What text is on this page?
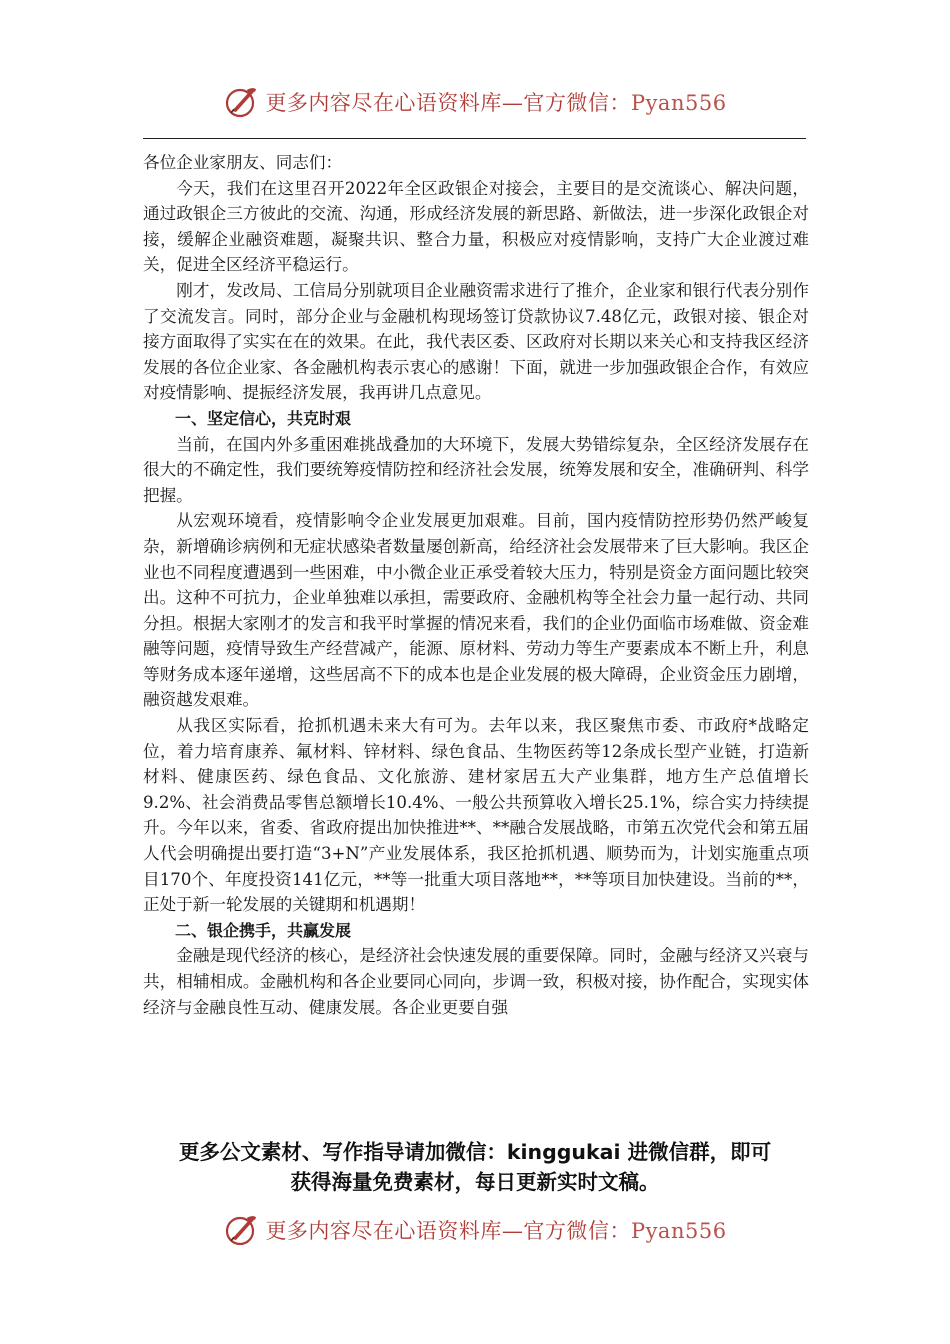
更多内容尽在心语资料库—官方微信：Pyan556

各位企业家朋友、同志们：

今天，我们在这里召开2022年全区政银企对接会，主要目的是交流谈心、解决问题，通过政银企三方彼此的交流、沟通，形成经济发展的新思路、新做法，进一步深化政银企对接，缓解企业融资难题，凝聚共识、整合力量，积极应对疫情影响，支持广大企业渡过难关，促进全区经济平稳运行。

刚才，发改局、工信局分别就项目企业融资需求进行了推介，企业家和银行代表分别作了交流发言。同时，部分企业与金融机构现场签订贷款协议7.48亿元，政银对接、银企对接方面取得了实实在在的效果。在此，我代表区委、区政府对长期以来关心和支持我区经济发展的各位企业家、各金融机构表示衷心的感谢！下面，就进一步加强政银企合作，有效应对疫情影响、提振经济发展，我再讲几点意见。

一、坚定信心，共克时艰

当前，在国内外多重困难挑战叠加的大环境下，发展大势错综复杂，全区经济发展存在很大的不确定性，我们要统筹疫情防控和经济社会发展，统筹发展和安全，准确研判、科学把握。

从宏观环境看，疫情影响令企业发展更加艰难。目前，国内疫情防控形势仍然严峻复杂，新增确诊病例和无症状感染者数量屡创新高，给经济社会发展带来了巨大影响。我区企业也不同程度遭遇到一些困难，中小微企业正承受着较大压力，特别是资金方面问题比较突出。这种不可抗力，企业单独难以承担，需要政府、金融机构等全社会力量一起行动、共同分担。根据大家刚才的发言和我平时掌握的情况来看，我们的企业仍面临市场难做、资金难融等问题，疫情导致生产经营减产，能源、原材料、劳动力等生产要素成本不断上升，利息等财务成本逐年递增，这些居高不下的成本也是企业发展的极大障碍，企业资金压力剧增，融资越发艰难。

从我区实际看，抢抓机遇未来大有可为。去年以来，我区聚焦市委、市政府*战略定位，着力培育康养、氟材料、锌材料、绿色食品、生物医药等12条成长型产业链，打造新材料、健康医药、绿色食品、文化旅游、建材家居五大产业集群，地方生产总值增长9.2%、社会消费品零售总额增长10.4%、一般公共预算收入增长25.1%，综合实力持续提升。今年以来，省委、省政府提出加快推进**、**融合发展战略，市第五次党代会和第五届人代会明确提出要打造“3+N”产业发展体系，我区抢抓机遇、顺势而为，计划实施重点项目170个、年度投资141亿元，**等一批重大项目落地**，**等项目加快建设。当前的**，正处于新一轮发展的关键期和机遇期！

二、银企携手，共赢发展

金融是现代经济的核心，是经济社会快速发展的重要保障。同时，金融与经济又兴衰与共，相辅相成。金融机构和各企业要同心同向，步调一致，积极对接，协作配合，实现实体经济与金融良性互动、健康发展。各企业更要自强

更多公文素材、写作指导请加微信：kinggukai 进微信群，即可
获得海量免费素材，每日更新实时文稿。
更多内容尽在心语资料库—官方微信：Pyan556
